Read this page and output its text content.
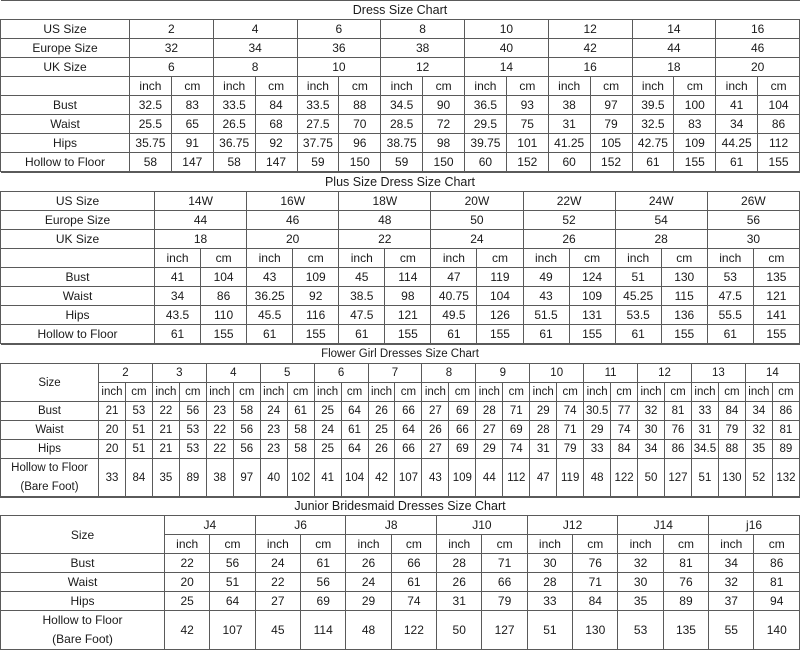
Dress Size Chart																
US Size	2		4		6		8		10		12		14		16	
Europe Size	32		34		36		38		40		42		44		46	
UK Size	6		8		10		12		14		16		18		20	
	inch	cm	inch	cm	inch	cm	inch	cm	inch	cm	inch	cm	inch	cm	inch	cm
Bust	32.5	83	33.5	84	33.5	88	34.5	90	36.5	93	38	97	39.5	100	41	104
Waist	25.5	65	26.5	68	27.5	70	28.5	72	29.5	75	31	79	32.5	83	34	86
Hips	35.75	91	36.75	92	37.75	96	38.75	98	39.75	101	41.25	105	42.75	109	44.25	112
Hollow to Floor	58	147	58	147	59	150	59	150	60	152	60	152	61	155	61	155
Plus Size Dress Size Chart														
US Size	14W		16W		18W		20W		22W		24W		26W	
Europe Size	44		46		48		50		52		54		56	
UK Size	18		20		22		24		26		28		30	
	inch	cm	inch	cm	inch	cm	inch	cm	inch	cm	inch	cm	inch	cm
Bust	41	104	43	109	45	114	47	119	49	124	51	130	53	135
Waist	34	86	36.25	92	38.5	98	40.75	104	43	109	45.25	115	47.5	121
Hips	43.5	110	45.5	116	47.5	121	49.5	126	51.5	131	53.5	136	55.5	141
Hollow to Floor	61	155	61	155	61	155	61	155	61	155	61	155	61	155
Flower Girl Dresses Size Chart																										
Size	2		3		4		5		6		7		8		9		10		11		12		13		14	
	inch	cm	inch	cm	inch	cm	inch	cm	inch	cm	inch	cm	inch	cm	inch	cm	inch	cm	inch	cm	inch	cm	inch	cm	inch	cm
Bust	21	53	22	56	23	58	24	61	25	64	26	66	27	69	28	71	29	74	30.5	77	32	81	33	84	34	86
Waist	20	51	21	53	22	56	23	58	24	61	25	64	26	66	27	69	28	71	29	74	30	76	31	79	32	81
Hips	20	51	21	53	22	56	23	58	25	64	26	66	27	69	29	74	31	79	33	84	34	86	34.5	88	35	89
Hollow to Floor
(Bare Foot)	33	84	35	89	38	97	40	102	41	104	42	107	43	109	44	112	47	119	48	122	50	127	51	130	52	132
Junior Bridesmaid Dresses Size Chart														
Size	J4		J6		J8		J10		J12		J14		j16	
	inch	cm	inch	cm	inch	cm	inch	cm	inch	cm	inch	cm	inch	cm
Bust	22	56	24	61	26	66	28	71	30	76	32	81	34	86
Waist	20	51	22	56	24	61	26	66	28	71	30	76	32	81
Hips	25	64	27	69	29	74	31	79	33	84	35	89	37	94
Hollow to Floor
(Bare Foot)	42	107	45	114	48	122	50	127	51	130	53	135	55	140
